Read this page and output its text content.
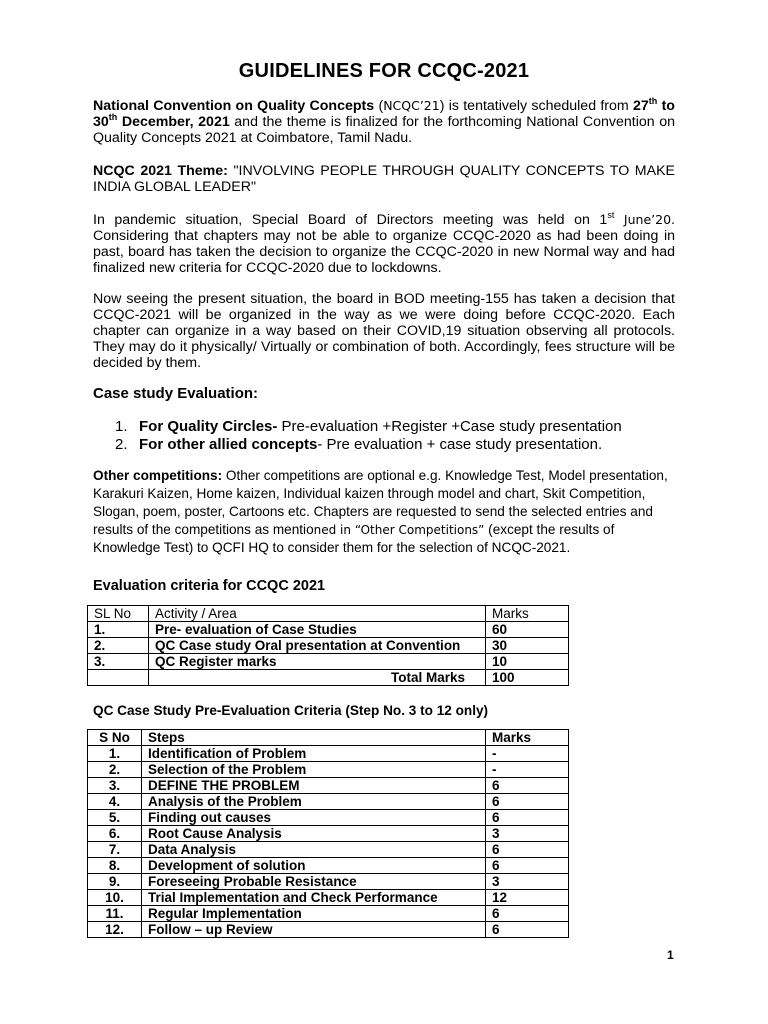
GUIDELINES FOR CCQC-2021
National Convention on Quality Concepts (NCQC’21) is tentatively scheduled from 27th to 30th December, 2021 and the theme is finalized for the forthcoming National Convention on Quality Concepts 2021 at Coimbatore, Tamil Nadu.
NCQC 2021 Theme: "INVOLVING PEOPLE THROUGH QUALITY CONCEPTS TO MAKE INDIA GLOBAL LEADER"
In pandemic situation, Special Board of Directors meeting was held on 1st June’20. Considering that chapters may not be able to organize CCQC-2020 as had been doing in past, board has taken the decision to organize the CCQC-2020 in new Normal way and had finalized new criteria for CCQC-2020 due to lockdowns.
Now seeing the present situation, the board in BOD meeting-155 has taken a decision that CCQC-2021 will be organized in the way as we were doing before CCQC-2020. Each chapter can organize in a way based on their COVID,19 situation observing all protocols. They may do it physically/ Virtually or combination of both. Accordingly, fees structure will be decided by them.
Case study Evaluation:
1. For Quality Circles- Pre-evaluation +Register +Case study presentation
2. For other allied concepts- Pre evaluation + case study presentation.
Other competitions: Other competitions are optional e.g. Knowledge Test, Model presentation, Karakuri Kaizen, Home kaizen, Individual kaizen through model and chart, Skit Competition, Slogan, poem, poster, Cartoons etc. Chapters are requested to send the selected entries and results of the competitions as mentioned in “Other Competitions” (except the results of Knowledge Test) to QCFI HQ to consider them for the selection of NCQC-2021.
Evaluation criteria for CCQC 2021
SL No	Activity / Area	Marks
1.	Pre- evaluation of Case Studies	60
2.	QC Case study Oral presentation at Convention	30
3.	QC Register marks	10
	Total Marks	100
QC Case Study Pre-Evaluation Criteria (Step No. 3 to 12 only)
S No	Steps	Marks
1.	Identification of Problem	-
2.	Selection of the Problem	-
3.	DEFINE THE PROBLEM	6
4.	Analysis of the Problem	6
5.	Finding out causes	6
6.	Root Cause Analysis	3
7.	Data Analysis	6
8.	Development of solution	6
9.	Foreseeing Probable Resistance	3
10.	Trial Implementation and Check Performance	12
11.	Regular Implementation	6
12.	Follow – up Review	6
1
